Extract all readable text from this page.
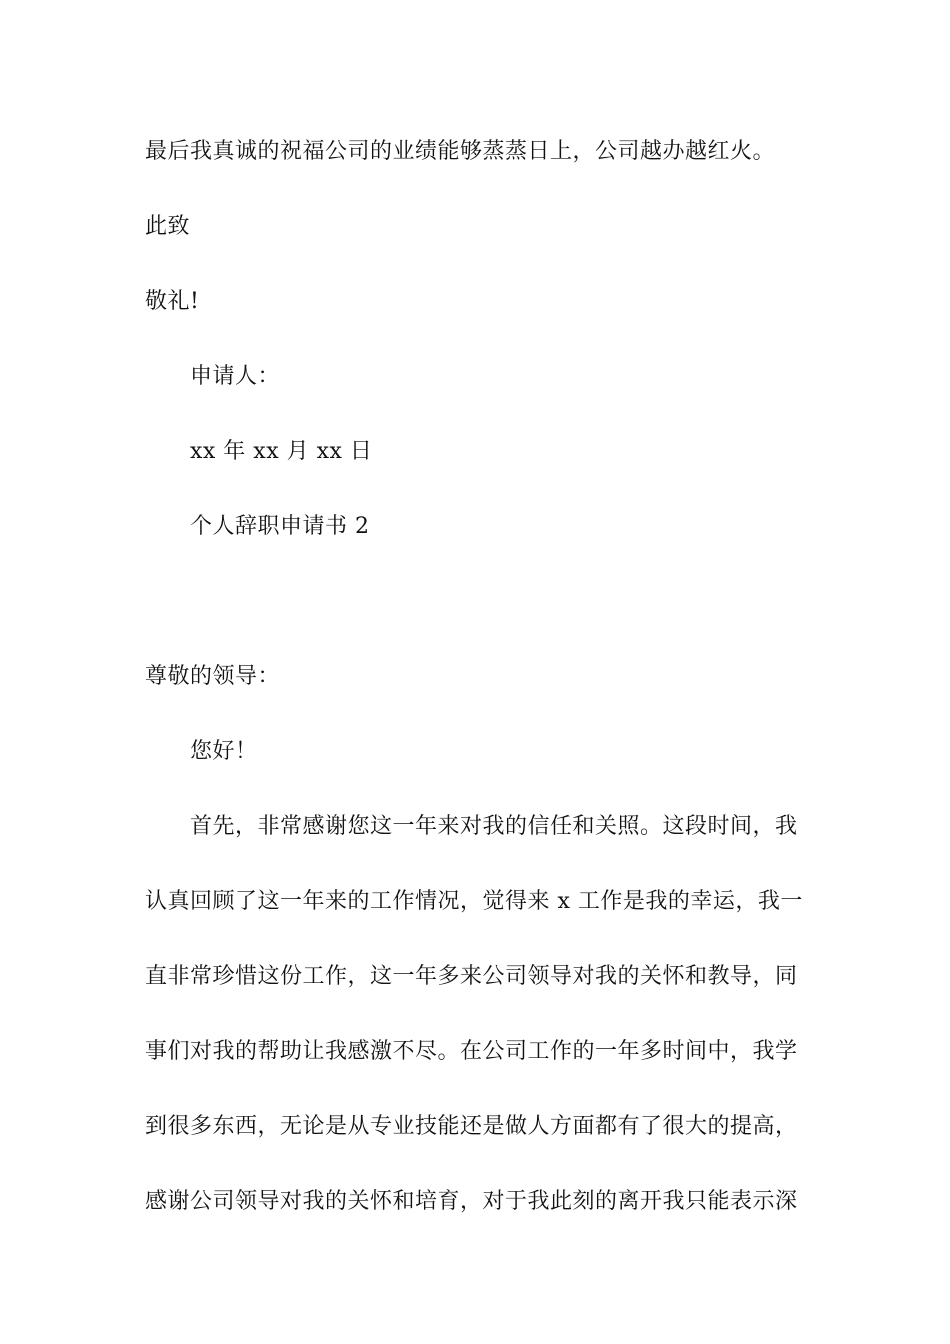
最后我真诚的祝福公司的业绩能够蒸蒸日上，公司越办越红火。
此致
敬礼!
申请人：
xx 年 xx 月 xx 日
个人辞职申请书 2
尊敬的领导：
您好！
首先，非常感谢您这一年来对我的信任和关照。这段时间，我
认真回顾了这一年来的工作情况，觉得来 x 工作是我的幸运，我一
直非常珍惜这份工作，这一年多来公司领导对我的关怀和教导，同
事们对我的帮助让我感激不尽。在公司工作的一年多时间中，我学
到很多东西，无论是从专业技能还是做人方面都有了很大的提高，
感谢公司领导对我的关怀和培育，对于我此刻的离开我只能表示深
